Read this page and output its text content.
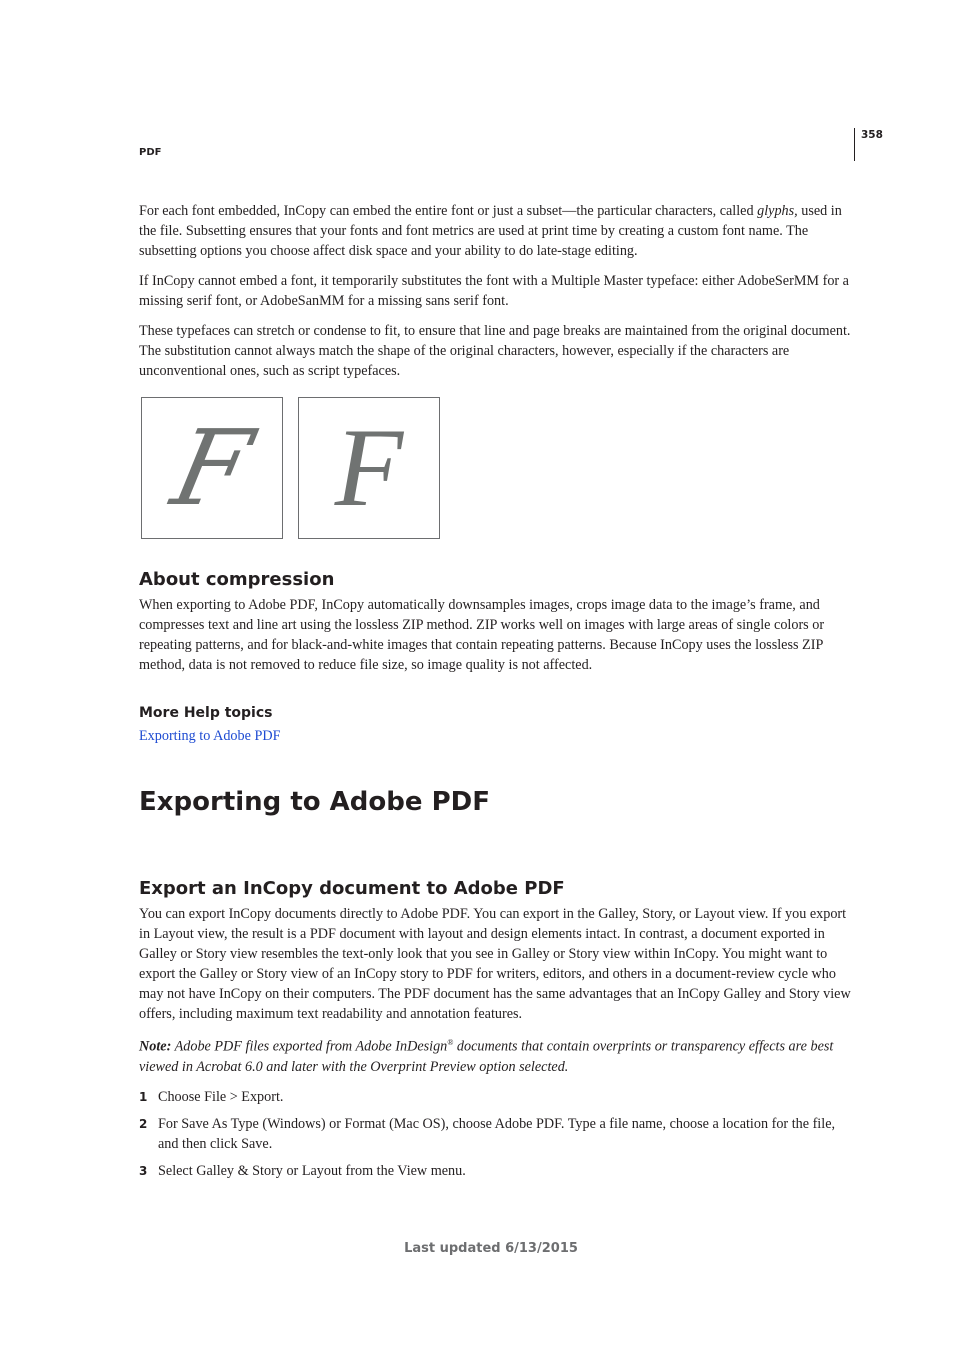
PDF
358

For each font embedded, InCopy can embed the entire font or just a subset—the particular characters, called glyphs, used in the file. Subsetting ensures that your fonts and font metrics are used at print time by creating a custom font name. The subsetting options you choose affect disk space and your ability to do late-stage editing.

If InCopy cannot embed a font, it temporarily substitutes the font with a Multiple Master typeface: either AdobeSerMM for a missing serif font, or AdobeSanMM for a missing sans serif font.

These typefaces can stretch or condense to fit, to ensure that line and page breaks are maintained from the original document. The substitution cannot always match the shape of the original characters, however, especially if the characters are unconventional ones, such as script typefaces.

F F
About compression

When exporting to Adobe PDF, InCopy automatically downsamples images, crops image data to the image’s frame, and compresses text and line art using the lossless ZIP method. ZIP works well on images with large areas of single colors or repeating patterns, and for black-and-white images that contain repeating patterns. Because InCopy uses the lossless ZIP method, data is not removed to reduce file size, so image quality is not affected.

More Help topics
Exporting to Adobe PDF
Exporting to Adobe PDF
Export an InCopy document to Adobe PDF

You can export InCopy documents directly to Adobe PDF. You can export in the Galley, Story, or Layout view. If you export in Layout view, the result is a PDF document with layout and design elements intact. In contrast, a document exported in Galley or Story view resembles the text-only look that you see in Galley or Story view within InCopy. You might want to export the Galley or Story view of an InCopy story to PDF for writers, editors, and others in a document-review cycle who may not have InCopy on their computers. The PDF document has the same advantages that an InCopy Galley and Story view offers, including maximum text readability and annotation features.

Note: Adobe PDF files exported from Adobe InDesign® documents that contain overprints or transparency effects are best viewed in Acrobat 6.0 and later with the Overprint Preview option selected.

1 Choose File > Export.
2 For Save As Type (Windows) or Format (Mac OS), choose Adobe PDF. Type a file name, choose a location for the file, and then click Save.
3 Select Galley & Story or Layout from the View menu.
Last updated 6/13/2015
